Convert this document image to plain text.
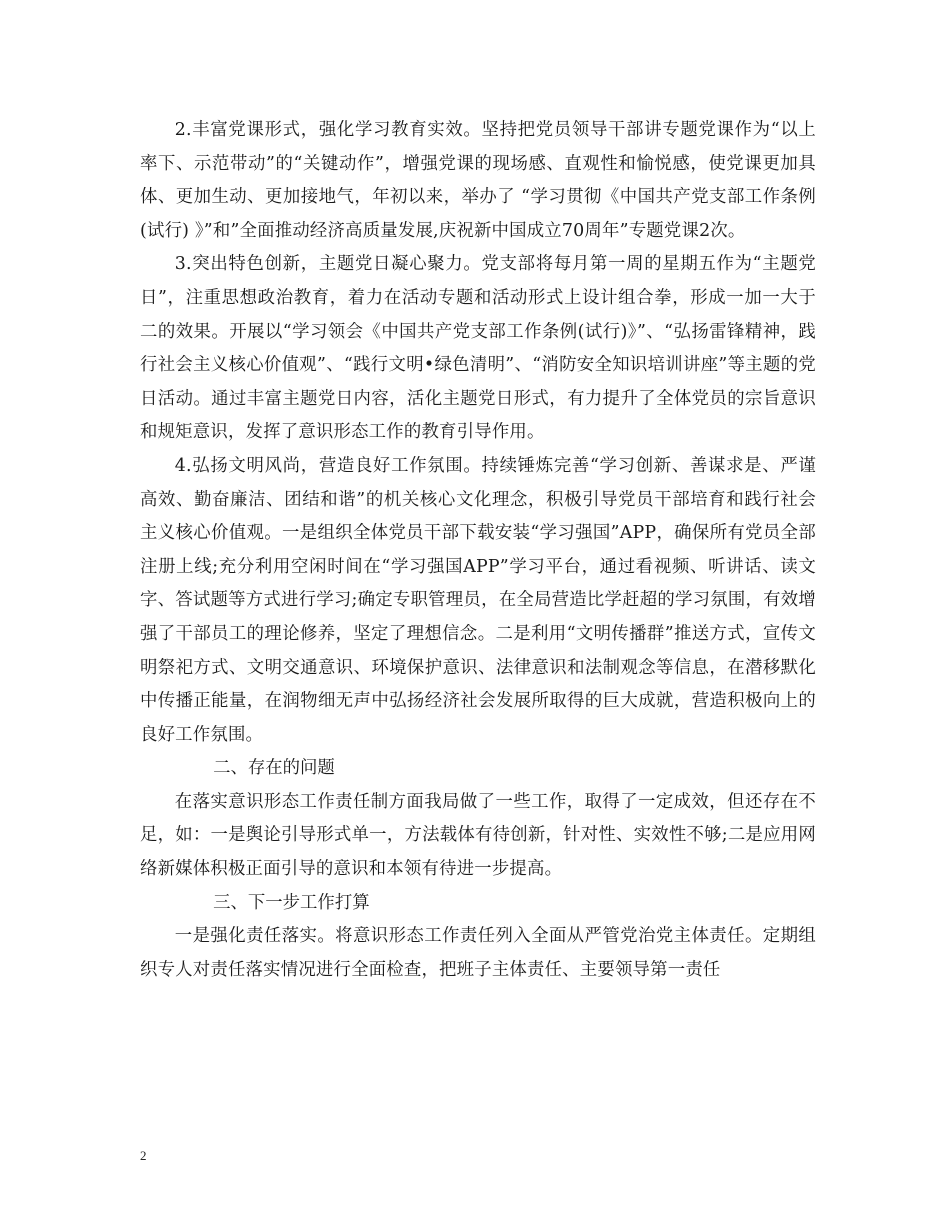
2.丰富党课形式，强化学习教育实效。坚持把党员领导干部讲专题党课作为“以上率下、示范带动”的“关键动作”，增强党课的现场感、直观性和愉悦感，使党课更加具体、更加生动、更加接地气，年初以来，举办了 “学习贯彻《中国共产党支部工作条例(试行) 》”和”全面推动经济高质量发展,庆祝新中国成立70周年”专题党课2次。

3.突出特色创新，主题党日凝心聚力。党支部将每月第一周的星期五作为“主题党日”，注重思想政治教育，着力在活动专题和活动形式上设计组合拳，形成一加一大于二的效果。开展以“学习领会《中国共产党支部工作条例(试行)》”、“弘扬雷锋精神，践行社会主义核心价值观”、“践行文明•绿色清明”、“消防安全知识培训讲座”等主题的党日活动。通过丰富主题党日内容，活化主题党日形式，有力提升了全体党员的宗旨意识和规矩意识，发挥了意识形态工作的教育引导作用。

4.弘扬文明风尚，营造良好工作氛围。持续锤炼完善“学习创新、善谋求是、严谨高效、勤奋廉洁、团结和谐”的机关核心文化理念，积极引导党员干部培育和践行社会主义核心价值观。一是组织全体党员干部下载安装“学习强国”APP，确保所有党员全部注册上线;充分利用空闲时间在“学习强国APP”学习平台，通过看视频、听讲话、读文字、答试题等方式进行学习;确定专职管理员，在全局营造比学赶超的学习氛围，有效增强了干部员工的理论修养，坚定了理想信念。二是利用“文明传播群”推送方式，宣传文明祭祀方式、文明交通意识、环境保护意识、法律意识和法制观念等信息，在潜移默化中传播正能量，在润物细无声中弘扬经济社会发展所取得的巨大成就，营造积极向上的良好工作氛围。

二、存在的问题

在落实意识形态工作责任制方面我局做了一些工作，取得了一定成效，但还存在不足，如：一是舆论引导形式单一，方法载体有待创新，针对性、实效性不够;二是应用网络新媒体积极正面引导的意识和本领有待进一步提高。

三、下一步工作打算

一是强化责任落实。将意识形态工作责任列入全面从严管党治党主体责任。定期组织专人对责任落实情况进行全面检查，把班子主体责任、主要领导第一责任

2
